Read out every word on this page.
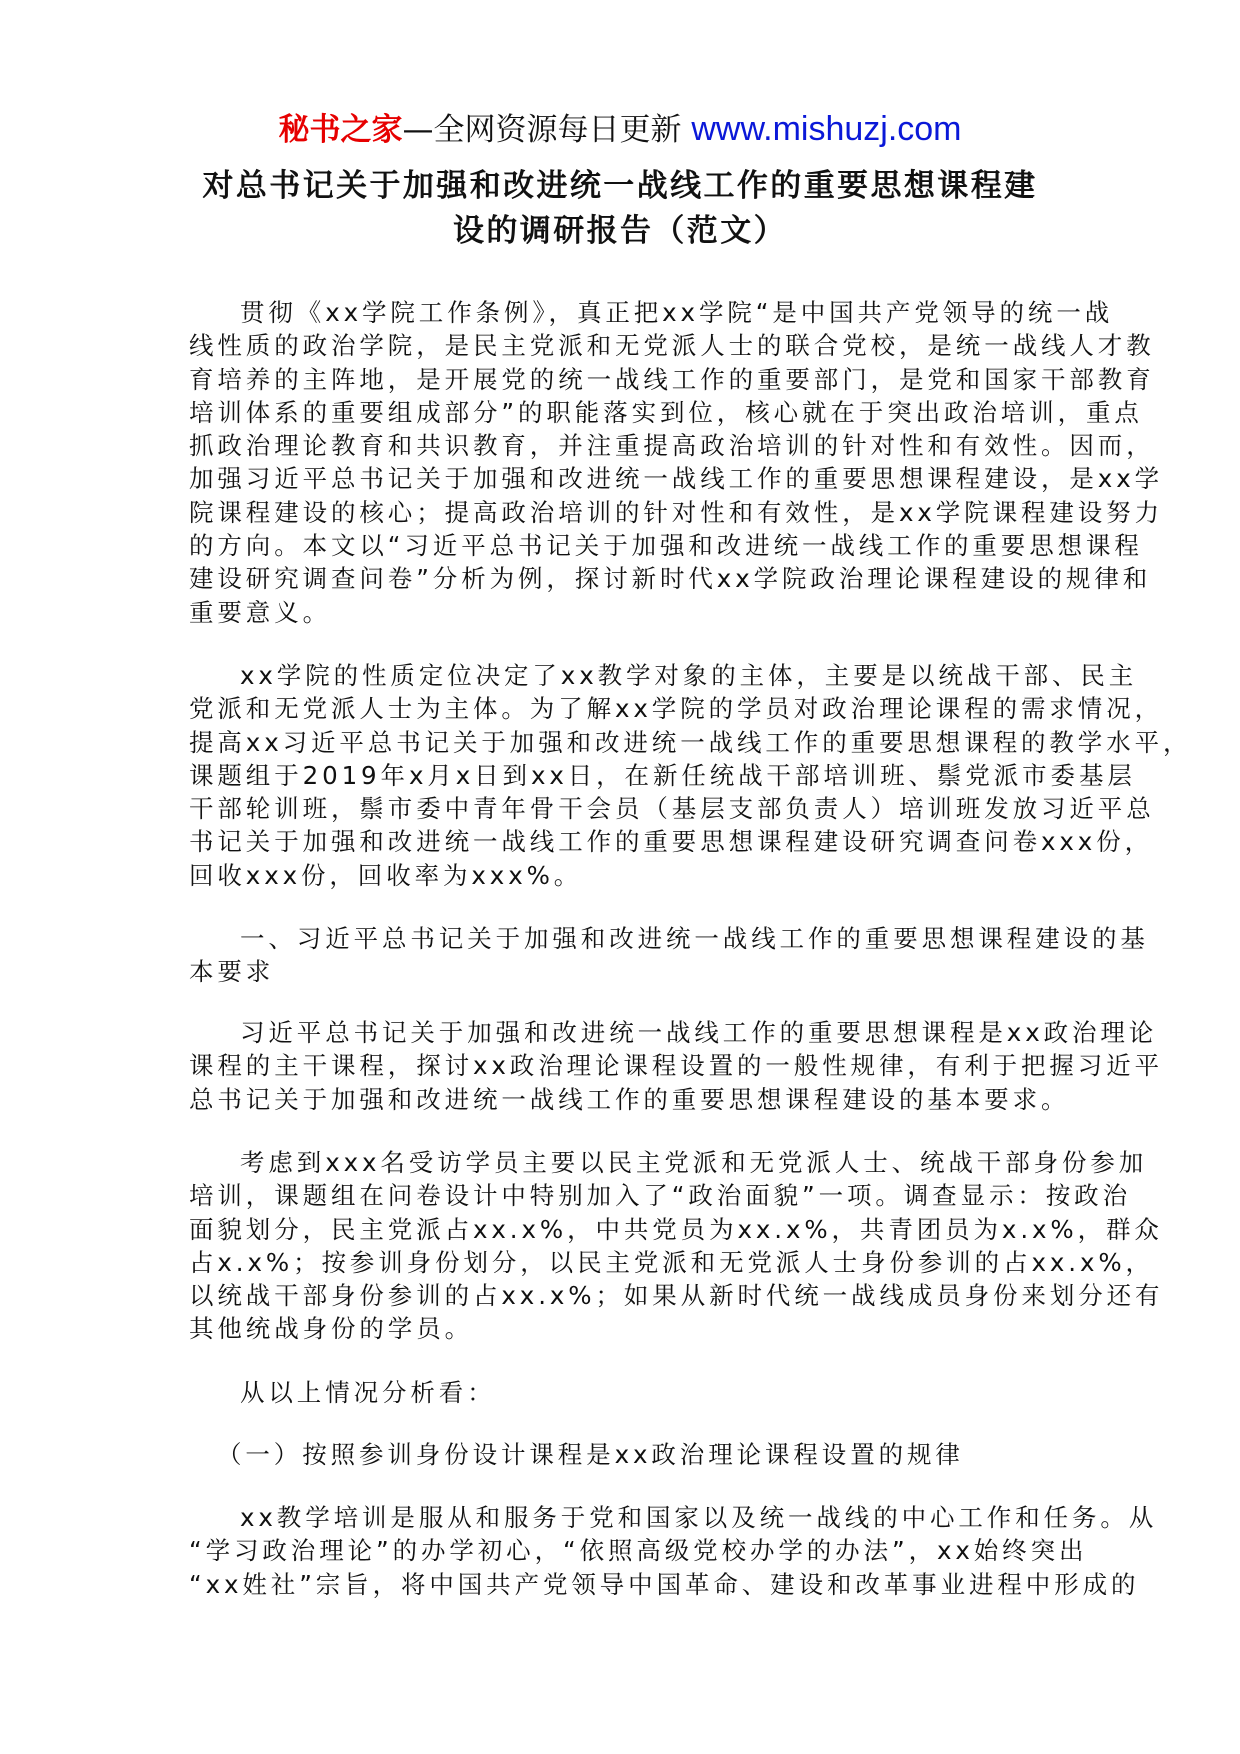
秘书之家—全网资源每日更新 www.mishuzj.com
对总书记关于加强和改进统一战线工作的重要思想课程建
设的调研报告（范文）
贯彻《xx学院工作条例》，真正把xx学院“是中国共产党领导的统一战
线性质的政治学院，是民主党派和无党派人士的联合党校，是统一战线人才教
育培养的主阵地，是开展党的统一战线工作的重要部门，是党和国家干部教育
培训体系的重要组成部分”的职能落实到位，核心就在于突出政治培训，重点
抓政治理论教育和共识教育，并注重提高政治培训的针对性和有效性。因而，
加强习近平总书记关于加强和改进统一战线工作的重要思想课程建设，是xx学
院课程建设的核心；提高政治培训的针对性和有效性，是xx学院课程建设努力
的方向。本文以“习近平总书记关于加强和改进统一战线工作的重要思想课程
建设研究调查问卷”分析为例，探讨新时代xx学院政治理论课程建设的规律和
重要意义。
xx学院的性质定位决定了xx教学对象的主体，主要是以统战干部、民主
党派和无党派人士为主体。为了解xx学院的学员对政治理论课程的需求情况，
提高xx习近平总书记关于加强和改进统一战线工作的重要思想课程的教学水平，
课题组于2019年x月x日到xx日，在新任统战干部培训班、鬃党派市委基层
干部轮训班，鬃市委中青年骨干会员（基层支部负责人）培训班发放习近平总
书记关于加强和改进统一战线工作的重要思想课程建设研究调查问卷xxx份，
回收xxx份，回收率为xxx%。
一、习近平总书记关于加强和改进统一战线工作的重要思想课程建设的基
本要求
习近平总书记关于加强和改进统一战线工作的重要思想课程是xx政治理论
课程的主干课程，探讨xx政治理论课程设置的一般性规律，有利于把握习近平
总书记关于加强和改进统一战线工作的重要思想课程建设的基本要求。
考虑到xxx名受访学员主要以民主党派和无党派人士、统战干部身份参加
培训，课题组在问卷设计中特别加入了“政治面貌”一项。调查显示：按政治
面貌划分，民主党派占xx.x%，中共党员为xx.x%，共青团员为x.x%，群众
占x.x%；按参训身份划分，以民主党派和无党派人士身份参训的占xx.x%，
以统战干部身份参训的占xx.x%；如果从新时代统一战线成员身份来划分还有
其他统战身份的学员。
从以上情况分析看：
（一）按照参训身份设计课程是xx政治理论课程设置的规律
xx教学培训是服从和服务于党和国家以及统一战线的中心工作和任务。从
“学习政治理论”的办学初心，“依照高级党校办学的办法”，xx始终突出
“xx姓社”宗旨，将中国共产党领导中国革命、建设和改革事业进程中形成的
